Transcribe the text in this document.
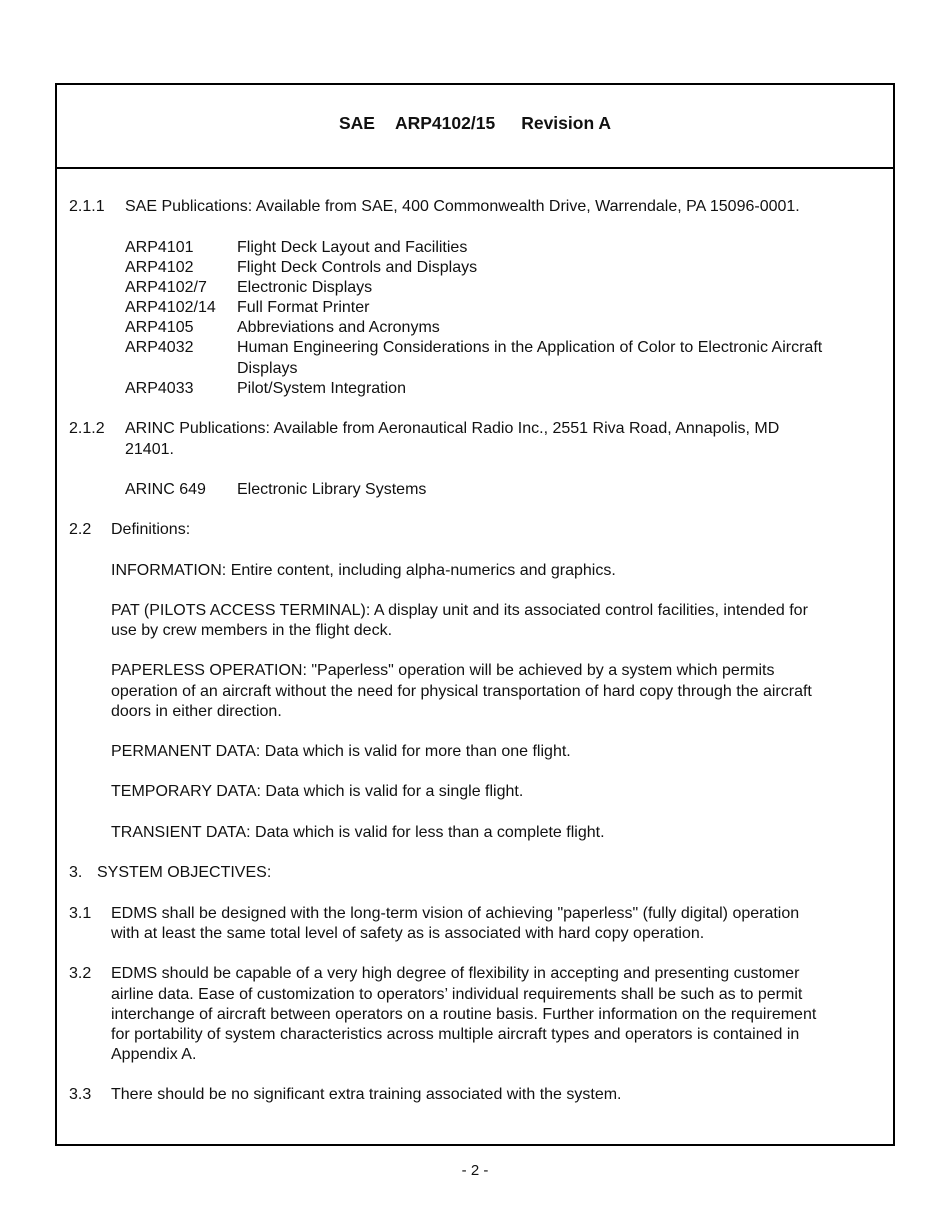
SAE ARP4102/15 Revision A
2.1.1 SAE Publications: Available from SAE, 400 Commonwealth Drive, Warrendale, PA 15096-0001.
ARP4101	Flight Deck Layout and Facilities
ARP4102	Flight Deck Controls and Displays
ARP4102/7 Electronic Displays
ARP4102/14 Full Format Printer
ARP4105	Abbreviations and Acronyms
ARP4032	Human Engineering Considerations in the Application of Color to Electronic Aircraft
Displays
ARP4033	Pilot/System Integration
2.1.2 ARINC Publications: Available from Aeronautical Radio Inc., 2551 Riva Road, Annapolis, MD
21401.
ARINC 649 Electronic Library Systems
2.2 Definitions:
INFORMATION: Entire content, including alpha-numerics and graphics.
PAT (PILOTS ACCESS TERMINAL): A display unit and its associated control facilities, intended for
use by crew members in the flight deck.
PAPERLESS OPERATION: "Paperless" operation will be achieved by a system which permits
operation of an aircraft without the need for physical transportation of hard copy through the aircraft
doors in either direction.
PERMANENT DATA: Data which is valid for more than one flight.
TEMPORARY DATA: Data which is valid for a single flight.
TRANSIENT DATA: Data which is valid for less than a complete flight.
3. SYSTEM OBJECTIVES:
3.1 EDMS shall be designed with the long-term vision of achieving "paperless" (fully digital) operation
with at least the same total level of safety as is associated with hard copy operation.
3.2 EDMS should be capable of a very high degree of flexibility in accepting and presenting customer
airline data. Ease of customization to operators’ individual requirements shall be such as to permit
interchange of aircraft between operators on a routine basis. Further information on the requirement
for portability of system characteristics across multiple aircraft types and operators is contained in
Appendix A.
3.3 There should be no significant extra training associated with the system.
- 2 -
